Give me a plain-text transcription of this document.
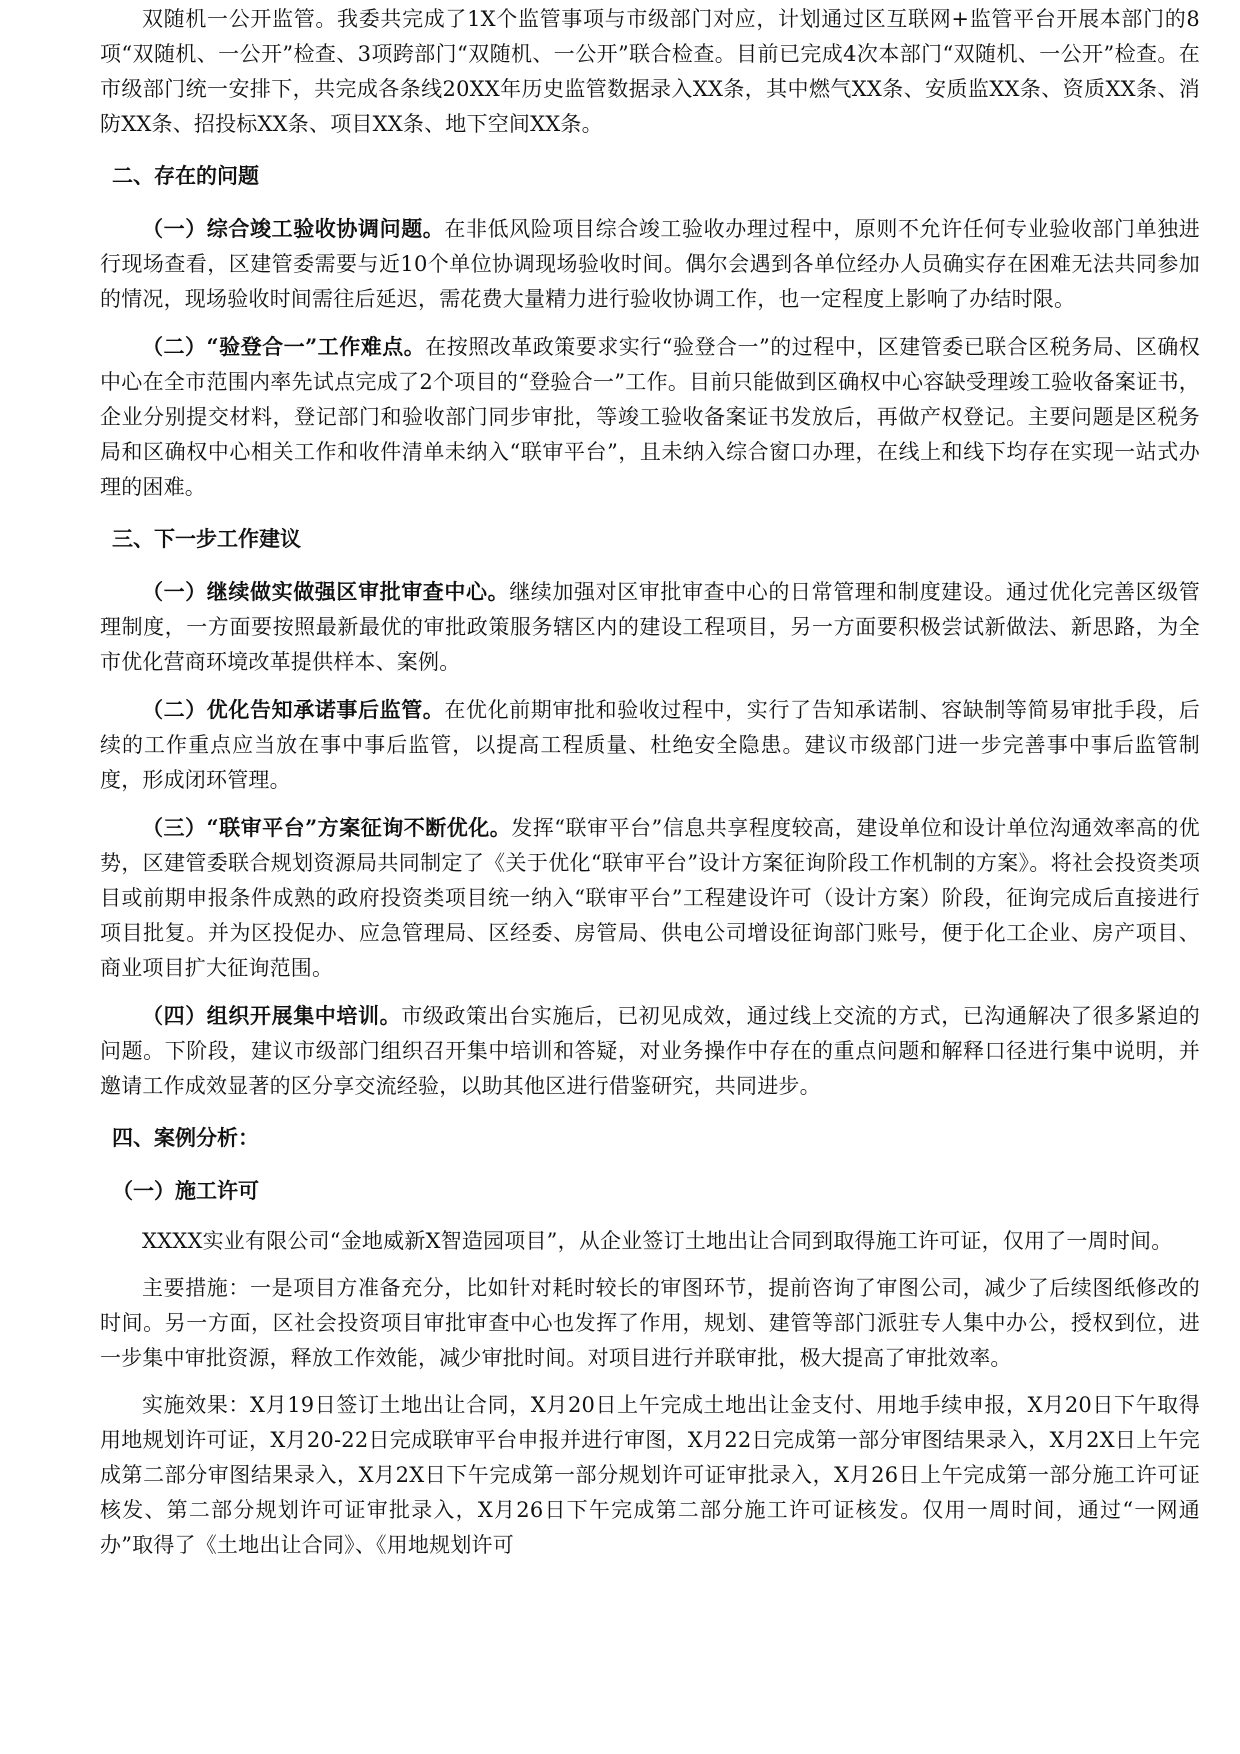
双随机一公开监管。我委共完成了1X个监管事项与市级部门对应，计划通过区互联网+监管平台开展本部门的8项“双随机、一公开”检查、3项跨部门“双随机、一公开”联合检查。目前已完成4次本部门“双随机、一公开”检查。在市级部门统一安排下，共完成各条线20XX年历史监管数据录入XX条，其中燃气XX条、安质监XX条、资质XX条、消防XX条、招投标XX条、项目XX条、地下空间XX条。

二、存在的问题

（一）综合竣工验收协调问题。在非低风险项目综合竣工验收办理过程中，原则不允许任何专业验收部门单独进行现场查看，区建管委需要与近10个单位协调现场验收时间。偶尔会遇到各单位经办人员确实存在困难无法共同参加的情况，现场验收时间需往后延迟，需花费大量精力进行验收协调工作，也一定程度上影响了办结时限。

（二）“验登合一”工作难点。在按照改革政策要求实行“验登合一”的过程中，区建管委已联合区税务局、区确权中心在全市范围内率先试点完成了2个项目的“登验合一”工作。目前只能做到区确权中心容缺受理竣工验收备案证书，企业分别提交材料，登记部门和验收部门同步审批，等竣工验收备案证书发放后，再做产权登记。主要问题是区税务局和区确权中心相关工作和收件清单未纳入“联审平台”，且未纳入综合窗口办理，在线上和线下均存在实现一站式办理的困难。

三、下一步工作建议

（一）继续做实做强区审批审查中心。继续加强对区审批审查中心的日常管理和制度建设。通过优化完善区级管理制度，一方面要按照最新最优的审批政策服务辖区内的建设工程项目，另一方面要积极尝试新做法、新思路，为全市优化营商环境改革提供样本、案例。

（二）优化告知承诺事后监管。在优化前期审批和验收过程中，实行了告知承诺制、容缺制等简易审批手段，后续的工作重点应当放在事中事后监管，以提高工程质量、杜绝安全隐患。建议市级部门进一步完善事中事后监管制度，形成闭环管理。

（三）“联审平台”方案征询不断优化。发挥“联审平台”信息共享程度较高，建设单位和设计单位沟通效率高的优势，区建管委联合规划资源局共同制定了《关于优化“联审平台”设计方案征询阶段工作机制的方案》。将社会投资类项目或前期申报条件成熟的政府投资类项目统一纳入“联审平台”工程建设许可（设计方案）阶段，征询完成后直接进行项目批复。并为区投促办、应急管理局、区经委、房管局、供电公司增设征询部门账号，便于化工企业、房产项目、商业项目扩大征询范围。

（四）组织开展集中培训。市级政策出台实施后，已初见成效，通过线上交流的方式，已沟通解决了很多紧迫的问题。下阶段，建议市级部门组织召开集中培训和答疑，对业务操作中存在的重点问题和解释口径进行集中说明，并邀请工作成效显著的区分享交流经验，以助其他区进行借鉴研究，共同进步。

四、案例分析：
（一）施工许可

XXXX实业有限公司“金地威新X智造园项目”，从企业签订土地出让合同到取得施工许可证，仅用了一周时间。

主要措施：一是项目方准备充分，比如针对耗时较长的审图环节，提前咨询了审图公司，减少了后续图纸修改的时间。另一方面，区社会投资项目审批审查中心也发挥了作用，规划、建管等部门派驻专人集中办公，授权到位，进一步集中审批资源，释放工作效能，减少审批时间。对项目进行并联审批，极大提高了审批效率。

实施效果：X月19日签订土地出让合同，X月20日上午完成土地出让金支付、用地手续申报，X月20日下午取得用地规划许可证，X月20-22日完成联审平台申报并进行审图，X月22日完成第一部分审图结果录入，X月2X日上午完成第二部分审图结果录入，X月2X日下午完成第一部分规划许可证审批录入，X月26日上午完成第一部分施工许可证核发、第二部分规划许可证审批录入，X月26日下午完成第二部分施工许可证核发。仅用一周时间，通过“一网通办”取得了《土地出让合同》、《用地规划许可
